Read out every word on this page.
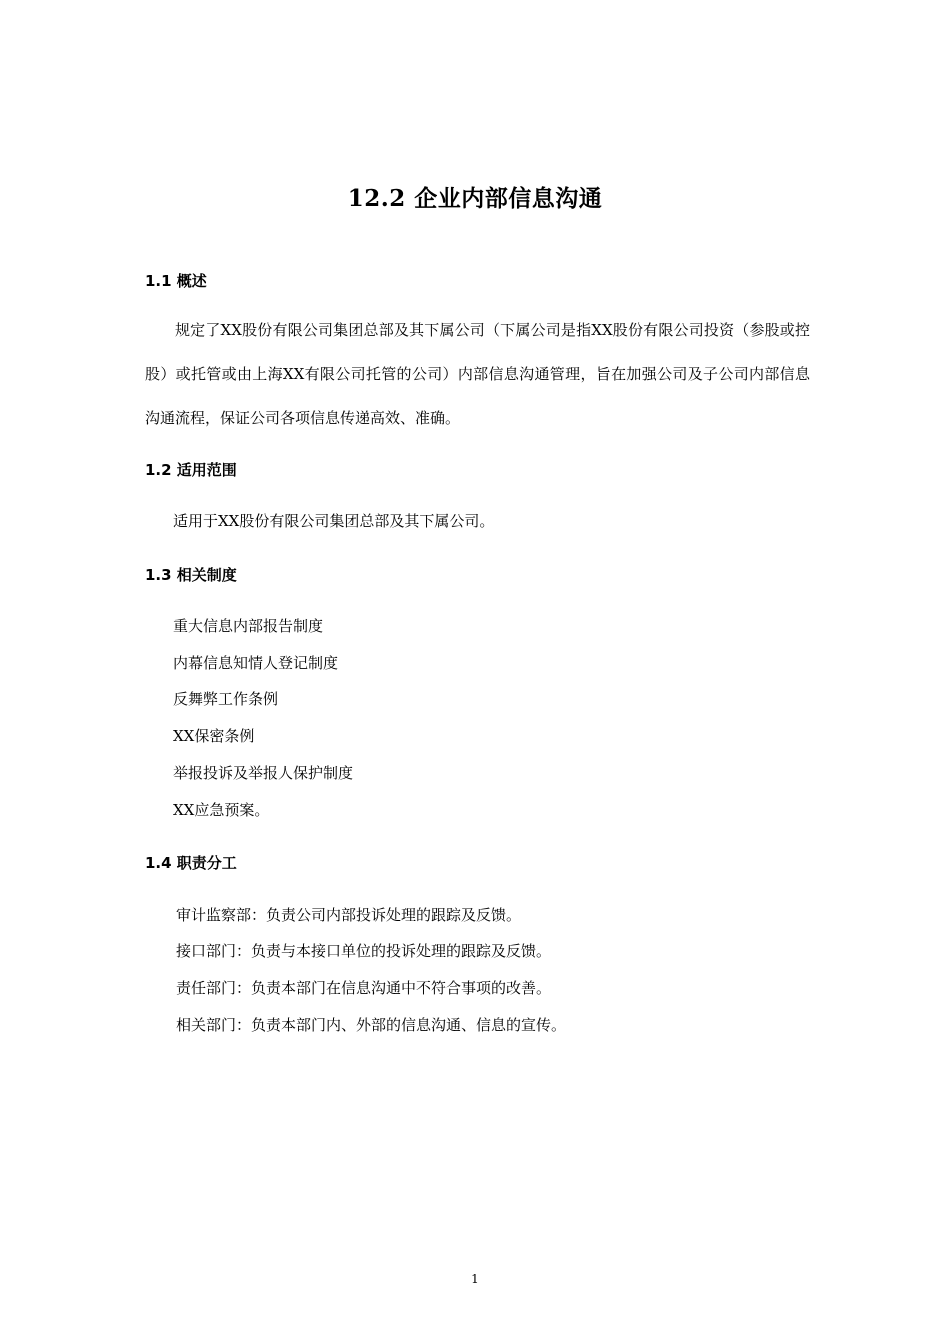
12.2 企业内部信息沟通
1.1 概述
规定了XX股份有限公司集团总部及其下属公司（下属公司是指XX股份有限公司投资（参股或控股）或托管或由上海XX有限公司托管的公司）内部信息沟通管理，旨在加强公司及子公司内部信息沟通流程，保证公司各项信息传递高效、准确。
1.2 适用范围
适用于XX股份有限公司集团总部及其下属公司。
1.3 相关制度
重大信息内部报告制度
内幕信息知情人登记制度
反舞弊工作条例
XX保密条例
举报投诉及举报人保护制度
XX应急预案。
1.4 职责分工
审计监察部：负责公司内部投诉处理的跟踪及反馈。
接口部门：负责与本接口单位的投诉处理的跟踪及反馈。
责任部门：负责本部门在信息沟通中不符合事项的改善。
相关部门：负责本部门内、外部的信息沟通、信息的宣传。
1
